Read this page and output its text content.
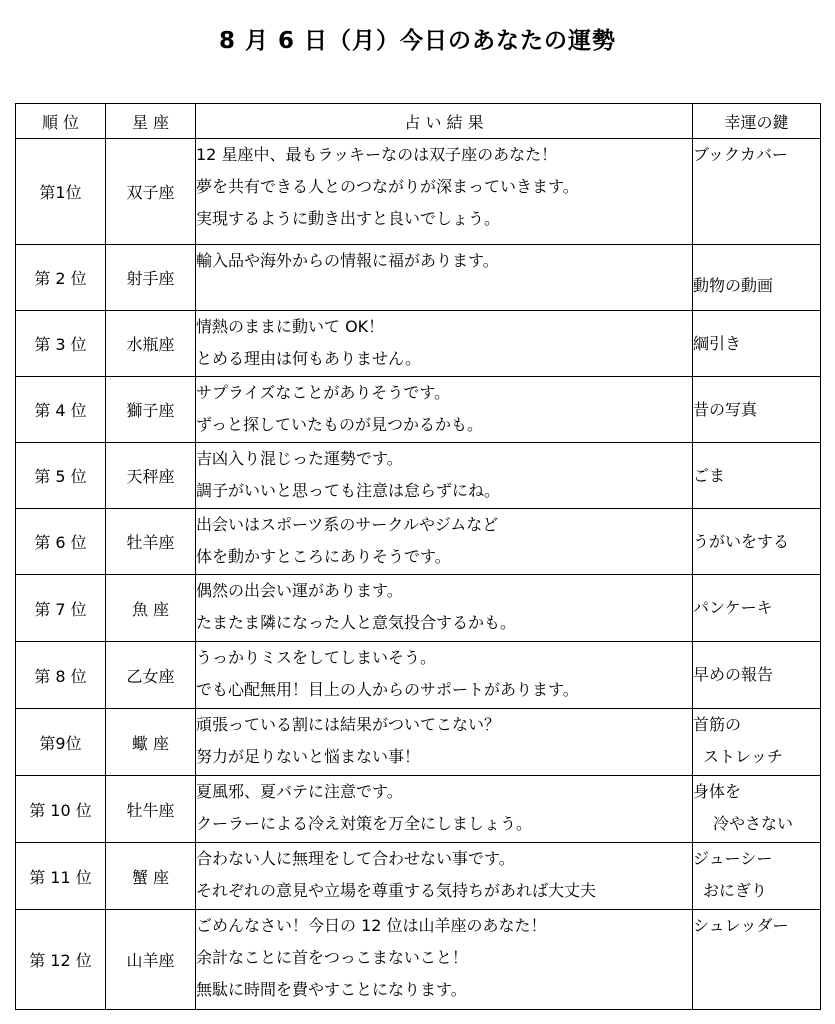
8 月 6 日（月）今日のあなたの運勢
順 位	星 座	占 い 結 果	幸運の鍵
第1位	双子座	12 星座中、最もラッキーなのは双子座のあなた！
夢を共有できる人とのつながりが深まっていきます。
実現するように動き出すと良いでしょう。	ブックカバー

第 2 位	射手座	輸入品や海外からの情報に福があります。	動物の動画

第 3 位	水瓶座	情熱のままに動いて OK！
とめる理由は何もありません。	綱引き

第 4 位	獅子座	サプライズなことがありそうです。
ずっと探していたものが見つかるかも。	昔の写真

第 5 位	天秤座	吉凶入り混じった運勢です。
調子がいいと思っても注意は怠らずにね。	ごま

第 6 位	牡羊座	出会いはスポーツ系のサークルやジムなど
体を動かすところにありそうです。	うがいをする

第 7 位	魚 座	偶然の出会い運があります。
たまたま隣になった人と意気投合するかも。	パンケーキ

第 8 位	乙女座	うっかりミスをしてしまいそう。
でも心配無用！目上の人からのサポートがあります。	早めの報告

第9位	蠍 座	頑張っている割には結果がついてこない？
努力が足りないと悩まない事！	首筋の
ストレッチ

第 10 位	牡牛座	夏風邪、夏バテに注意です。
クーラーによる冷え対策を万全にしましょう。	身体を
冷やさない

第 11 位	蟹 座	合わない人に無理をして合わせない事です。
それぞれの意見や立場を尊重する気持ちがあれば大丈夫	ジューシー
おにぎり

第 12 位	山羊座	ごめんなさい！今日の 12 位は山羊座のあなた！
余計なことに首をつっこまないこと！
無駄に時間を費やすことになります。	シュレッダー
